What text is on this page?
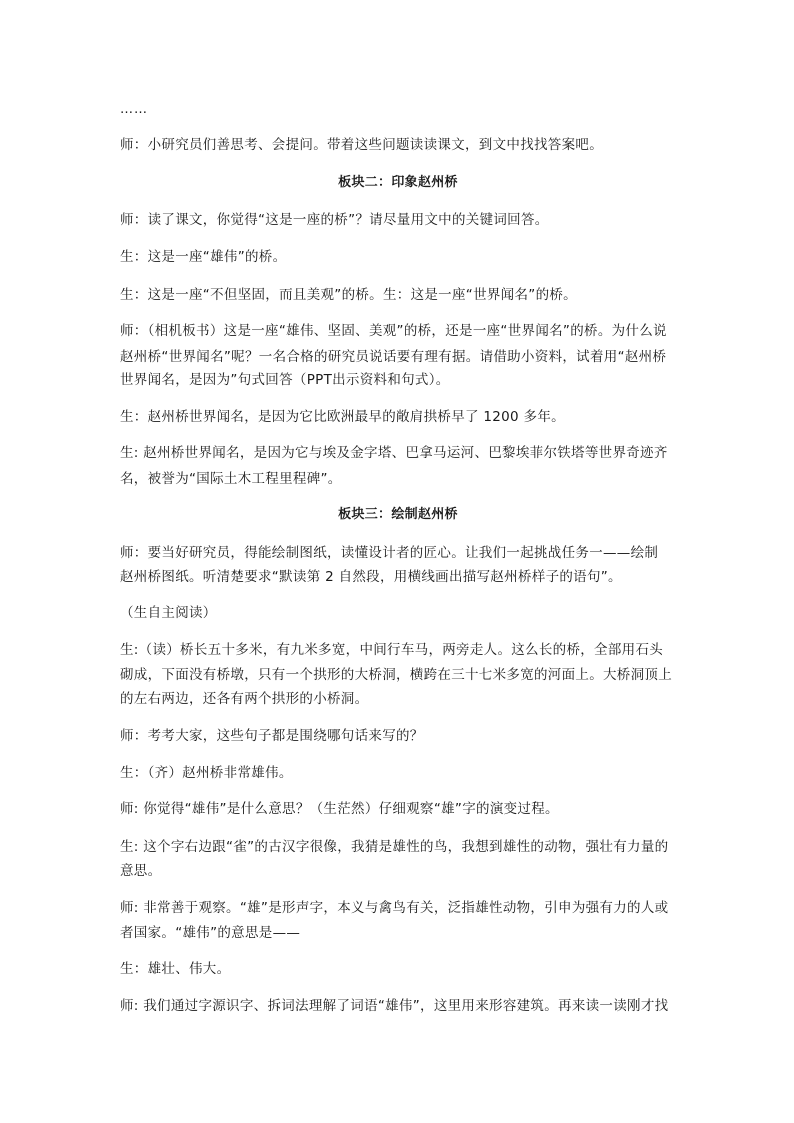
……
师：小研究员们善思考、会提问。带着这些问题读读课文，到文中找找答案吧。
板块二：印象赵州桥
师：读了课文，你觉得“这是一座的桥”？请尽量用文中的关键词回答。
生：这是一座“雄伟”的桥。
生：这是一座“不但坚固，而且美观”的桥。生：这是一座“世界闻名”的桥。
师：（相机板书）这是一座“雄伟、坚固、美观”的桥，还是一座“世界闻名”的桥。为什么说
赵州桥“世界闻名”呢？一名合格的研究员说话要有理有据。请借助小资料，试着用“赵州桥
世界闻名，是因为”句式回答（PPT出示资料和句式）。
生：赵州桥世界闻名，是因为它比欧洲最早的敞肩拱桥早了 1200 多年。
生: 赵州桥世界闻名，是因为它与埃及金字塔、巴拿马运河、巴黎埃菲尔铁塔等世界奇迹齐
名，被誉为“国际土木工程里程碑”。
板块三：绘制赵州桥
师：要当好研究员，得能绘制图纸，读懂设计者的匠心。让我们一起挑战任务一——绘制
赵州桥图纸。听清楚要求“默读第 2 自然段，用横线画出描写赵州桥样子的语句”。
（生自主阅读）
生:（读）桥长五十多米，有九米多宽，中间行车马，两旁走人。这么长的桥，全部用石头
砌成，下面没有桥墩，只有一个拱形的大桥洞，横跨在三十七米多宽的河面上。大桥洞顶上
的左右两边，还各有两个拱形的小桥洞。
师：考考大家，这些句子都是围绕哪句话来写的？
生：（齐）赵州桥非常雄伟。
师: 你觉得“雄伟”是什么意思？（生茫然）仔细观察“雄”字的演变过程。
生: 这个字右边跟“雀”的古汉字很像，我猜是雄性的鸟，我想到雄性的动物，强壮有力量的
意思。
师: 非常善于观察。“雄”是形声字，本义与禽鸟有关，泛指雄性动物，引申为强有力的人或
者国家。“雄伟”的意思是——
生：雄壮、伟大。
师: 我们通过字源识字、拆词法理解了词语“雄伟”，这里用来形容建筑。再来读一读刚才找
